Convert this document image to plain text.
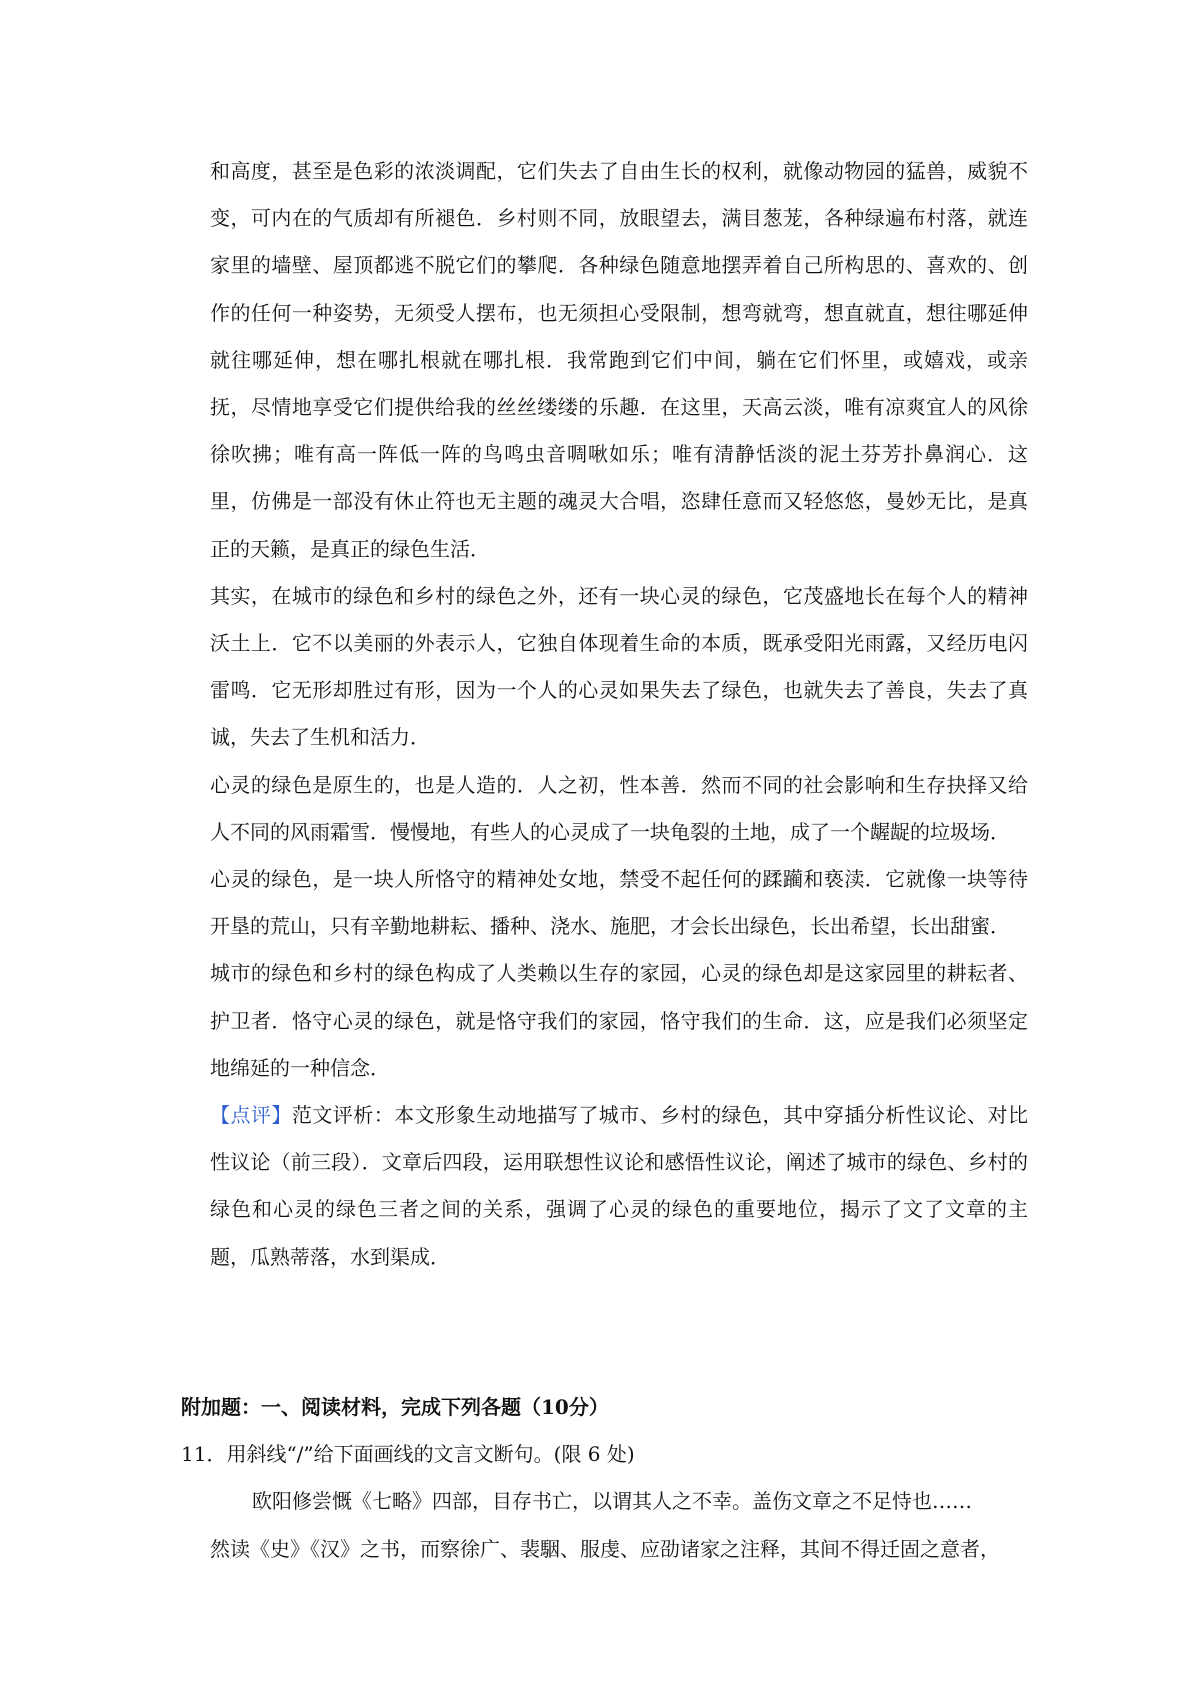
和高度，甚至是色彩的浓淡调配，它们失去了自由生长的权利，就像动物园的猛兽，威貌不变，可内在的气质却有所褪色．乡村则不同，放眼望去，满目葱茏，各种绿遍布村落，就连家里的墙壁、屋顶都逃不脱它们的攀爬．各种绿色随意地摆弄着自己所构思的、喜欢的、创作的任何一种姿势，无须受人摆布，也无须担心受限制，想弯就弯，想直就直，想往哪延伸就往哪延伸，想在哪扎根就在哪扎根．我常跑到它们中间，躺在它们怀里，或嬉戏，或亲抚，尽情地享受它们提供给我的丝丝缕缕的乐趣．在这里，天高云淡，唯有凉爽宜人的风徐徐吹拂；唯有高一阵低一阵的鸟鸣虫音啁啾如乐；唯有清静恬淡的泥土芬芳扑鼻润心．这里，仿佛是一部没有休止符也无主题的魂灵大合唱，恣肆任意而又轻悠悠，曼妙无比，是真正的天籁，是真正的绿色生活．

其实，在城市的绿色和乡村的绿色之外，还有一块心灵的绿色，它茂盛地长在每个人的精神沃土上．它不以美丽的外表示人，它独自体现着生命的本质，既承受阳光雨露，又经历电闪雷鸣．它无形却胜过有形，因为一个人的心灵如果失去了绿色，也就失去了善良，失去了真诚，失去了生机和活力．

心灵的绿色是原生的，也是人造的．人之初，性本善．然而不同的社会影响和生存抉择又给人不同的风雨霜雪．慢慢地，有些人的心灵成了一块龟裂的土地，成了一个龌龊的垃圾场．

心灵的绿色，是一块人所恪守的精神处女地，禁受不起任何的蹂躏和亵渎．它就像一块等待开垦的荒山，只有辛勤地耕耘、播种、浇水、施肥，才会长出绿色，长出希望，长出甜蜜．

城市的绿色和乡村的绿色构成了人类赖以生存的家园，心灵的绿色却是这家园里的耕耘者、护卫者．恪守心灵的绿色，就是恪守我们的家园，恪守我们的生命．这，应是我们必须坚定地绵延的一种信念．

【点评】范文评析：本文形象生动地描写了城市、乡村的绿色，其中穿插分析性议论、对比性议论（前三段）．文章后四段，运用联想性议论和感悟性议论，阐述了城市的绿色、乡村的绿色和心灵的绿色三者之间的关系，强调了心灵的绿色的重要地位，揭示了文了文章的主题，瓜熟蒂落，水到渠成．

附加题：一、阅读材料，完成下列各题（10分）

11．用斜线“/”给下面画线的文言文断句。(限 6 处)

欧阳修尝慨《七略》四部，目存书亡，以谓其人之不幸。盖伤文章之不足恃也……
然读《史》《汉》之书，而察徐广、裴駰、服虔、应劭诸家之注释，其间不得迁固之意者，
